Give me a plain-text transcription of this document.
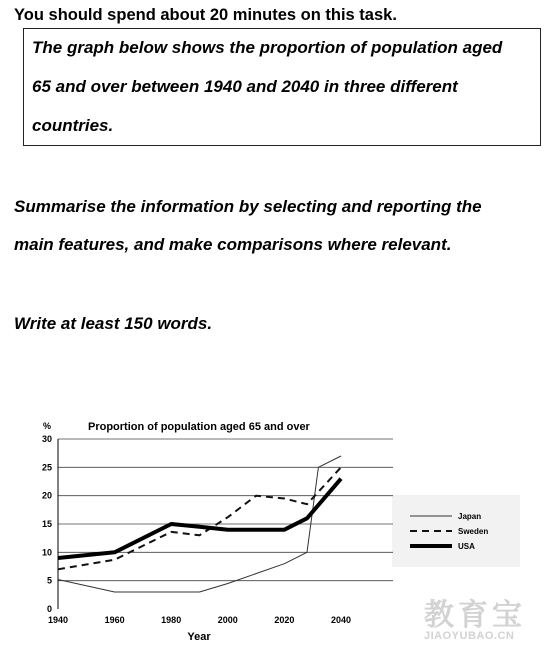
You should spend about 20 minutes on this task.

The graph below shows the proportion of population aged

65 and over between 1940 and 2040 in three different

countries.

Summarise the information by selecting and reporting the
main features, and make comparisons where relevant.
Write at least 150 words.
0
5
10
15
20
25
30
1940	1960	1980	2000	2020	2040
%	Proportion of population aged 65 and over
Year
Japan
Sweden
USA
教育宝
JIAOYUBAO.CN
